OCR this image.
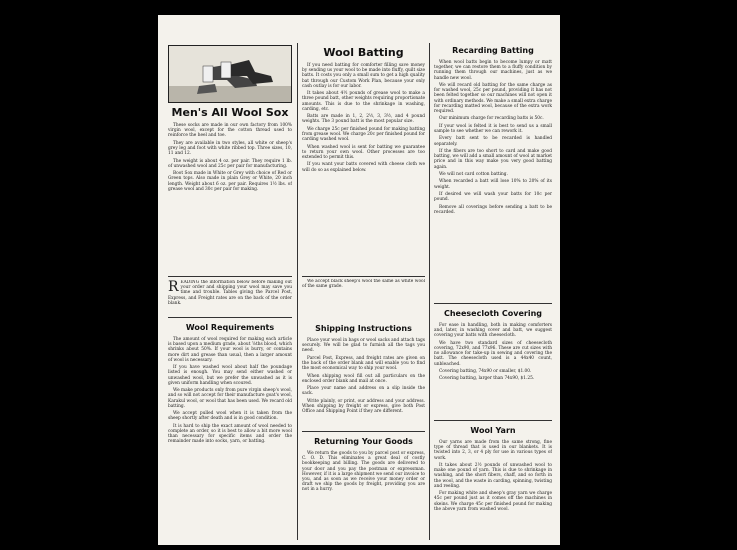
Men's All Wool Sox

These socks are made in our own factory from 100% virgin wool, except for the cotton thread used to reinforce the heel and toe.

They are available in two styles, all white or sheep's grey leg and foot with white ribbed top. Three sizes, 10, 11 and 12.

The weight is about 4 oz. per pair. They require 1 lb. of unwashed wool and 25c per pair for manufacturing.

Boot Sox made in White or Grey with choice of Red or Green tops. Also made in plain Grey or White, 20 inch length. Weight about 6 oz. per pair. Requires 1½ lbs. of grease wool and 30c per pair for making.

R EADING the information below before making out your order and shipping your wool may save you time and trouble. Tables giving the Parcel Post, Express, and Freight rates are on the back of the order blank.
Wool Requirements

The amount of wool required for making each article is based upon a medium grade, about ⅝ths blood, which shrinks about 50%. If your wool is burry, or contains more dirt and grease than usual, then a larger amount of wool is necessary.

If you have washed wool about half the poundage listed is enough. You may send either washed or unwashed wool, but we prefer the unwashed as it is given uniform handling when scoured.

We make products only from pure virgin sheep's wool, and so will not accept for their manufacture goat's wool, Karakul wool, or wool that has been used. We recard old batting.

We accept pulled wool when it is taken from the sheep shortly after death and is in good condition.

It is hard to ship the exact amount of wool needed to complete an order, so it is best to allow a bit more wool than necessary for specific items and order the remainder made into socks, yarn, or batting.

Wool Batting

If you need batting for comforter filling save money by sending us your wool to be made into fluffy, quilt size batts. It costs you only a small sum to get a high quality bat through our Custom Work Plan, because your only cash outlay is for our labor.

It takes about 4½ pounds of grease wool to make a three pound batt, other weights requiring proportionate amounts. This is due to the shrinkage in washing, carding, etc.

Batts are made in 1, 2, 2½, 3, 3½, and 4 pound weights. The 3 pound batt is the most popular size.

We charge 25c per finished pound for making batting from grease wool. We charge 20c per finished pound for carding washed wool.

When washed wool is sent for batting we guarantee to return your own wool. Other processes are too extended to permit this.

If you want your batts covered with cheese cloth we will do so as explained below.

We accept black sheep's wool the same as white wool of the same grade.

Shipping Instructions

Place your wool in bags or wool sacks and attach tags securely. We will be glad to furnish all the tags you need.

Parcel Post, Express, and freight rates are given on the back of the order blank and will enable you to find the most economical way to ship your wool.

When shipping wool fill out all particulars on the enclosed order blank and mail at once.

Place your name and address on a slip inside the sack.

Write plainly, or print, our address and your address. When shipping by freight or express, give both Post Office and Shipping Point if they are different.

Returning Your Goods

We return the goods to you by parcel post or express, C. O. D. This eliminates a great deal of costly bookkeeping and billing. The goods are delivered to your door and you pay the postman or expressman. However, if it is a large shipment we send our invoice to you, and as soon as we receive your money order or draft we ship the goods by freight, providing you are not in a hurry.

Recarding Batting

When wool batts begin to become lumpy or matt together, we can restore them to a fluffy condition by running them through our machines, just as we handle new wool.

We will recard old batting for the same charge as for washed wool, 25c per pound, providing it has not been felted together so our machines will not open it with ordinary methods. We make a small extra charge for recarding matted wool, because of the extra work required.

Our minimum charge for recarding batts is 50c.

If your wool is felted it is best to send us a small sample to see whether we can rework it.

Every batt sent to be recarded is handled separately.

If the fibers are too short to card and make good batting, we will add a small amount of wool at market price and in this way make you very good batting again.

We will not card cotton batting.

When recarded a batt will lose 10% to 20% of its weight.

If desired we will wash your batts for 10c per pound.

Remove all coverings before sending a batt to be recarded.

Cheesecloth Covering

For ease in handling, both in making comforters and, later, in washing cover and batt, we suggest covering your batts with cheesecloth.

We have two standard sizes of cheesecloth covering, 72x90, and 77x96. These are cut sizes with no allowance for take-up in sewing and covering the batt. The cheesecloth used is a 44x40 count, unbleached.

Covering batting, 74x90 or smaller, $1.00.

Covering batting, larger than 74x90, $1.25.

Wool Yarn

Our yarns are made from the same strong, fine type of thread that is used in our blankets. It is twisted into 2, 3, or 4 ply for use in various types of work.

It takes about 2½ pounds of unwashed wool to make one pound of yarn. This is due to shrinkage in washing, and the short fibers, chaff, and so forth in the wool, and the waste in carding, spinning, twisting and reeling.

For making white and sheep's gray yarn we charge 45c per pound just as it comes off the machines in skeins. We charge 45c per finished pound for making the above yarn from washed wool.
